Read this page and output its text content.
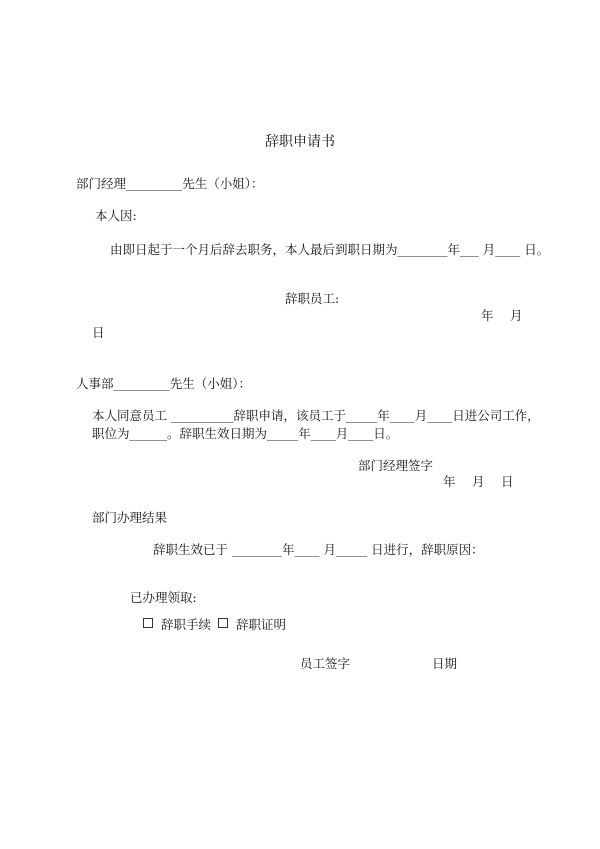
辞职申请书
部门经理_________先生（小姐）：
本人因:
由即日起于一个月后辞去职务，本人最后到职日期为________年___ 月____ 日。
辞职员工:
年　 月
日
人事部_________先生（小姐）：
本人同意员工 __________辞职申请，该员工于_____年____月____日进公司工作，
职位为______。辞职生效日期为_____年____月____日。
部门经理签字
年　 月　 日
部门办理结果
辞职生效已于 ________年____ 月_____ 日进行，辞职原因：
已办理领取:
辞职手续	辞职证明
员工签字	日期
